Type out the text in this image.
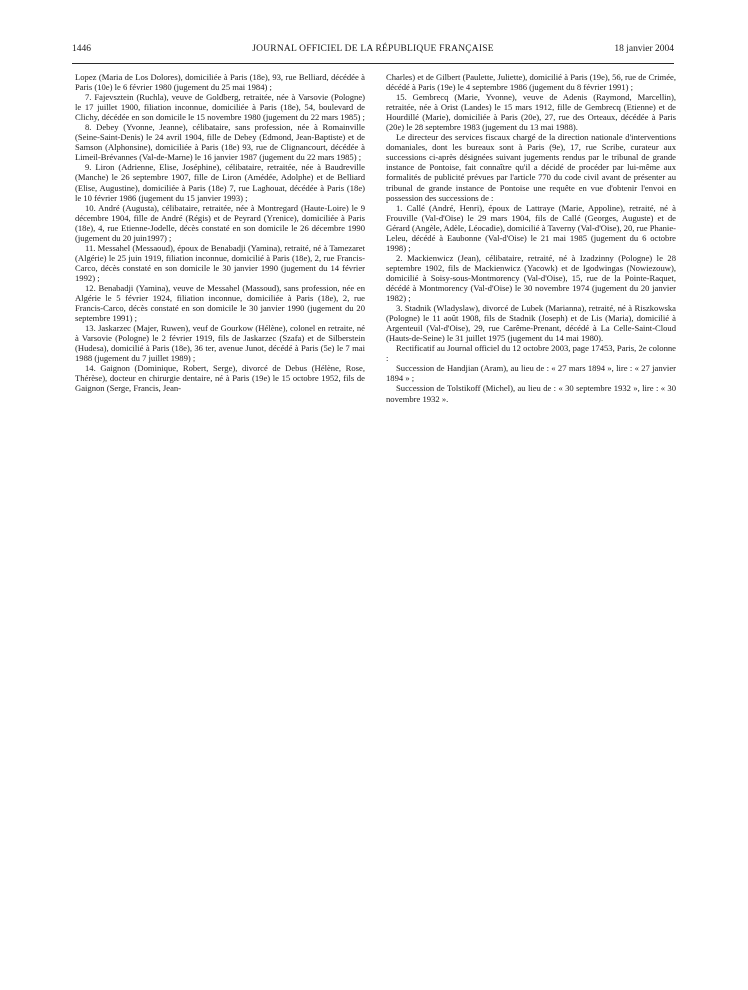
1446	JOURNAL OFFICIEL DE LA RÉPUBLIQUE FRANÇAISE	18 janvier 2004

Lopez (Maria de Los Dolores), domiciliée à Paris (18e), 93, rue Belliard, décédée à Paris (10e) le 6 février 1980 (jugement du 25 mai 1984) ;

7. Fajevsztein (Ruchla), veuve de Goldberg, retraitée, née à Varsovie (Pologne) le 17 juillet 1900, filiation inconnue, domiciliée à Paris (18e), 54, boulevard de Clichy, décédée en son domicile le 15 novembre 1980 (jugement du 22 mars 1985) ;

8. Debey (Yvonne, Jeanne), célibataire, sans profession, née à Romainville (Seine-Saint-Denis) le 24 avril 1904, fille de Debey (Edmond, Jean-Baptiste) et de Samson (Alphonsine), domiciliée à Paris (18e) 93, rue de Clignancourt, décédée à Limeil-Brévannes (Val-de-Marne) le 16 janvier 1987 (jugement du 22 mars 1985) ;

9. Liron (Adrienne, Elise, Joséphine), célibataire, retraitée, née à Baudreville (Manche) le 26 septembre 1907, fille de Liron (Amédée, Adolphe) et de Belliard (Elise, Augustine), domiciliée à Paris (18e) 7, rue Laghouat, décédée à Paris (18e) le 10 février 1986 (jugement du 15 janvier 1993) ;

10. André (Augusta), célibataire, retraitée, née à Montregard (Haute-Loire) le 9 décembre 1904, fille de André (Régis) et de Peyrard (Yrenice), domiciliée à Paris (18e), 4, rue Etienne-Jodelle, décès constaté en son domicile le 26 décembre 1990 (jugement du 20 juin1997) ;

11. Messahel (Messaoud), époux de Benabadji (Yamina), retraité, né à Tamezaret (Algérie) le 25 juin 1919, filiation inconnue, domicilié à Paris (18e), 2, rue Francis-Carco, décès constaté en son domicile le 30 janvier 1990 (jugement du 14 février 1992) ;

12. Benabadji (Yamina), veuve de Messahel (Massoud), sans profession, née en Algérie le 5 février 1924, filiation inconnue, domiciliée à Paris (18e), 2, rue Francis-Carco, décès constaté en son domicile le 30 janvier 1990 (jugement du 20 septembre 1991) ;

13. Jaskarzec (Majer, Ruwen), veuf de Gourkow (Hélène), colonel en retraite, né à Varsovie (Pologne) le 2 février 1919, fils de Jaskarzec (Szafa) et de Silberstein (Hudesa), domicilié à Paris (18e), 36 ter, avenue Junot, décédé à Paris (5e) le 7 mai 1988 (jugement du 7 juillet 1989) ;

14. Gaignon (Dominique, Robert, Serge), divorcé de Debus (Hélène, Rose, Thérèse), docteur en chirurgie dentaire, né à Paris (19e) le 15 octobre 1952, fils de Gaignon (Serge, Francis, Jean-

Charles) et de Gilbert (Paulette, Juliette), domicilié à Paris (19e), 56, rue de Crimée, décédé à Paris (19e) le 4 septembre 1986 (jugement du 8 février 1991) ;

15. Gembrecq (Marie, Yvonne), veuve de Adenis (Raymond, Marcellin), retraitée, née à Orist (Landes) le 15 mars 1912, fille de Gembrecq (Etienne) et de Hourdillé (Marie), domiciliée à Paris (20e), 27, rue des Orteaux, décédée à Paris (20e) le 28 septembre 1983 (jugement du 13 mai 1988).

Le directeur des services fiscaux chargé de la direction nationale d'interventions domaniales, dont les bureaux sont à Paris (9e), 17, rue Scribe, curateur aux successions ci-après désignées suivant jugements rendus par le tribunal de grande instance de Pontoise, fait connaître qu'il a décidé de procéder par lui-même aux formalités de publicité prévues par l'article 770 du code civil avant de présenter au tribunal de grande instance de Pontoise une requête en vue d'obtenir l'envoi en possession des successions de :

1. Callé (André, Henri), époux de Lattraye (Marie, Appoline), retraité, né à Frouville (Val-d'Oise) le 29 mars 1904, fils de Callé (Georges, Auguste) et de Gérard (Angèle, Adèle, Léocadie), domicilié à Taverny (Val-d'Oise), 20, rue Phanie-Leleu, décédé à Eaubonne (Val-d'Oise) le 21 mai 1985 (jugement du 6 octobre 1998) ;

2. Mackienwicz (Jean), célibataire, retraité, né à Izadzinny (Pologne) le 28 septembre 1902, fils de Mackienwicz (Yacowk) et de Igodwingas (Nowiezouw), domicilié à Soisy-sous-Montmorency (Val-d'Oise), 15, rue de la Pointe-Raquet, décédé à Montmorency (Val-d'Oise) le 30 novembre 1974 (jugement du 20 janvier 1982) ;

3. Stadnik (Wladyslaw), divorcé de Lubek (Marianna), retraité, né à Riszkowska (Pologne) le 11 août 1908, fils de Stadnik (Joseph) et de Lis (Maria), domicilié à Argenteuil (Val-d'Oise), 29, rue Carême-Prenant, décédé à La Celle-Saint-Cloud (Hauts-de-Seine) le 31 juillet 1975 (jugement du 14 mai 1980).

Rectificatif au Journal officiel du 12 octobre 2003, page 17453, Paris, 2e colonne :

Succession de Handjian (Aram), au lieu de : « 27 mars 1894 », lire : « 27 janvier 1894 » ;

Succession de Tolstikoff (Michel), au lieu de : « 30 septembre 1932 », lire : « 30 novembre 1932 ».
